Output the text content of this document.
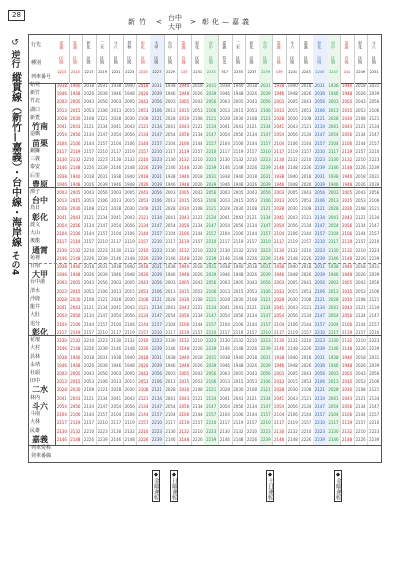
28
新竹 < 台中
大甲
> 彰化—嘉義
↺
逆行
縱貫線（新竹—嘉義）・台中線・海岸線
その4
行先
種別
列車番号
嘉義
区間
2213
嘉義
区間
2215
彰化
区間
2217
二水
区間
2219
斗六
区間
2221
員林
区間
2223
彰化
区間
2225
大甲
区間
2227
台中
区間
2229
嘉義
自強
137
彰化
区間
2231
台中
区間
2233
嘉義
莒光
517
二水
区間
2235
彰化
区間
2237
台中
区間
2239
嘉義
自強
139
斗六
区間
2241
嘉義
区間
2243
彰化
区間
2245
台中
区間
2247
嘉義
自強
141
彰化
区間
2249
斗六
区間
2251
始発
新竹
竹北
湖口
新豊
竹南
造橋
苗栗
銅鑼
三義
泰安
后里
豊原
潭子
台中
烏日
彰化
談文
大山
後龍
通霄
苑裡
日南
大甲
台中港
清水
沙鹿
龍井
大肚
追分
彰化
花壇
大村
員林
永靖
社頭
田中
二水
林内
斗六
斗南
大林
民雄
嘉義
1938
1946
2003
2013
2028
2041
2054
2104
2117
2130
2146
1938
1946
2003
2013
2028
2041
2054
2104
2117
2130
2146
1938
1946
2003
2013
2028
2041
2054
2104
2117
2130
2146
1938
1946
2003
2013
2028
2041
2054
2104
2117
2130
2146
1940
1948
2005
2015
2030
2043
2056
2106
2119
2132
2148
1940
1948
2005
2015
2030
2043
2056
2106
2119
2132
2148
1940
1948
2005
2015
2030
2043
2056
2106
2119
2132
2148
1940
1948
2005
2015
2030
2043
2056
2106
2119
2132
2148
2018
2026
2043
2053
2108
2121
2134
2144
2157
2210
2226
2018
2026
2043
2053
2108
2121
2134
2144
2157
2210
2226
2018
2026
2043
2053
2108
2121
2134
2144
2157
2210
2226
2018
2026
2043
2053
2108
2121
2134
2144
2157
2210
2226
2031
2039
2056
2106
2121
2134
2147
2157
2210
2223
2239
2031
2039
2056
2106
2121
2134
2147
2157
2210
2223
2239
2031
2039
2056
2106
2121
2134
2147
2157
2210
2223
2239
2031
2039
2056
2106
2121
2134
2147
2157
2210
2223
2239
1938
1946
2003
2013
2028
2041
2054
2104
2117
2130
2146
1938
1946
2003
2013
2028
2041
2054
2104
2117
2130
2146
1938
1946
2003
2013
2028
2041
2054
2104
2117
2130
2146
1938
1946
2003
2013
2028
2041
2054
2104
2117
2130
2146
1940
1948
2005
2015
2030
2043
2056
2106
2119
2132
2148
1940
1948
2005
2015
2030
2043
2056
2106
2119
2132
2148
1940
1948
2005
2015
2030
2043
2056
2106
2119
2132
2148
1940
1948
2005
2015
2030
2043
2056
2106
2119
2132
2148
2018
2026
2043
2053
2108
2121
2134
2144
2157
2210
2226
2018
2026
2043
2053
2108
2121
2134
2144
2157
2210
2226
2018
2026
2043
2053
2108
2121
2134
2144
2157
2210
2226
2018
2026
2043
2053
2108
2121
2134
2144
2157
2210
2226
2031
2039
2056
2106
2121
2134
2147
2157
2210
2223
2239
2031
2039
2056
2106
2121
2134
2147
2157
2210
2223
2239
2031
2039
2056
2106
2121
2134
2147
2157
2210
2223
2239
2031
2039
2056
2106
2121
2134
2147
2157
2210
2223
2239
1938
1946
2003
2013
2028
2041
2054
2104
2117
2130
2146
1938
1946
2003
2013
2028
2041
2054
2104
2117
2130
2146
1938
1946
2003
2013
2028
2041
2054
2104
2117
2130
2146
1938
1946
2003
2013
2028
2041
2054
2104
2117
2130
2146
1940
1948
2005
2015
2030
2043
2056
2106
2119
2132
2148
1940
1948
2005
2015
2030
2043
2056
2106
2119
2132
2148
1940
1948
2005
2015
2030
2043
2056
2106
2119
2132
2148
1940
1948
2005
2015
2030
2043
2056
2106
2119
2132
2148
2018
2026
2043
2053
2108
2121
2134
2144
2157
2210
2226
2018
2026
2043
2053
2108
2121
2134
2144
2157
2210
2226
2018
2026
2043
2053
2108
2121
2134
2144
2157
2210
2226
2018
2026
2043
2053
2108
2121
2134
2144
2157
2210
2226
2031
2039
2056
2106
2121
2134
2147
2157
2210
2223
2239
2031
2039
2056
2106
2121
2134
2147
2157
2210
2223
2239
2031
2039
2056
2106
2121
2134
2147
2157
2210
2223
2239
2031
2039
2056
2106
2121
2134
2147
2157
2210
2223
2239
1938
1946
2003
2013
2028
2041
2054
2104
2117
2130
2146
1938
1946
2003
2013
2028
2041
2054
2104
2117
2130
2146
1938
1946
2003
2013
2028
2041
2054
2104
2117
2130
2146
1938
1946
2003
2013
2028
2041
2054
2104
2117
2130
2146
1940
1948
2005
2015
2030
2043
2056
2106
2119
2132
2148
1940
1948
2005
2015
2030
2043
2056
2106
2119
2132
2148
1940
1948
2005
2015
2030
2043
2056
2106
2119
2132
2148
1940
1948
2005
2015
2030
2043
2056
2106
2119
2132
2148
2018
2026
2043
2053
2108
2121
2134
2144
2157
2210
2226
2018
2026
2043
2053
2108
2121
2134
2144
2157
2210
2226
2018
2026
2043
2053
2108
2121
2134
2144
2157
2210
2226
2018
2026
2043
2053
2108
2121
2134
2144
2157
2210
2226
2031
2039
2056
2106
2121
2134
2147
2157
2210
2223
2239
2031
2039
2056
2106
2121
2134
2147
2157
2210
2223
2239
2031
2039
2056
2106
2121
2134
2147
2157
2210
2223
2239
2031
2039
2056
2106
2121
2134
2147
2157
2210
2223
2239
1938
1946
2003
2013
2028
2041
2054
2104
2117
2130
2146
1938
1946
2003
2013
2028
2041
2054
2104
2117
2130
2146
1938
1946
2003
2013
2028
2041
2054
2104
2117
2130
2146
1938
1946
2003
2013
2028
2041
2054
2104
2117
2130
2146
1940
1948
2005
2015
2030
2043
2056
2106
2119
2132
2148
1940
1948
2005
2015
2030
2043
2056
2106
2119
2132
2148
1940
1948
2005
2015
2030
2043
2056
2106
2119
2132
2148
1940
1948
2005
2015
2030
2043
2056
2106
2119
2132
2148
2018
2026
2043
2053
2108
2121
2134
2144
2157
2210
2226
2018
2026
2043
2053
2108
2121
2134
2144
2157
2210
2226
2018
2026
2043
2053
2108
2121
2134
2144
2157
2210
2226
2018
2026
2043
2053
2108
2121
2134
2144
2157
2210
2226
2031
2039
2056
2106
2121
2134
2147
2157
2210
2223
2239
2031
2039
2056
2106
2121
2134
2147
2157
2210
2223
2239
2031
2039
2056
2106
2121
2134
2147
2157
2210
2223
2239
2031
2039
2056
2106
2121
2134
2147
2157
2210
2223
2239
1938
1946
2003
2013
2028
2041
2054
2104
2117
2130
2146
1938
1946
2003
2013
2028
2041
2054
2104
2117
2130
2146
1938
1946
2003
2013
2028
2041
2054
2104
2117
2130
2146
1938
1946
2003
2013
2028
2041
2054
2104
2117
2130
2146
1940
1948
2005
2015
2030
2043
2056
2106
2119
2132
2148
1940
1948
2005
2015
2030
2043
2056
2106
2119
2132
2148
1940
1948
2005
2015
2030
2043
2056
2106
2119
2132
2148
1940
1948
2005
2015
2030
2043
2056
2106
2119
2132
2148
2018
2026
2043
2053
2108
2121
2134
2144
2157
2210
2226
2018
2026
2043
2053
2108
2121
2134
2144
2157
2210
2226
2018
2026
2043
2053
2108
2121
2134
2144
2157
2210
2226
2018
2026
2043
2053
2108
2121
2134
2144
2157
2210
2226
2031
2039
2056
2106
2121
2134
2147
2157
2210
2223
2239
2031
2039
2056
2106
2121
2134
2147
2157
2210
2223
2239
2031
2039
2056
2106
2121
2134
2147
2157
2210
2223
2239
2031
2039
2056
2106
2121
2134
2147
2157
2210
2223
2239
列車愛称
発車番線
◆金曜運転
◆日曜運転
◆土日運転
◆金曜運転
